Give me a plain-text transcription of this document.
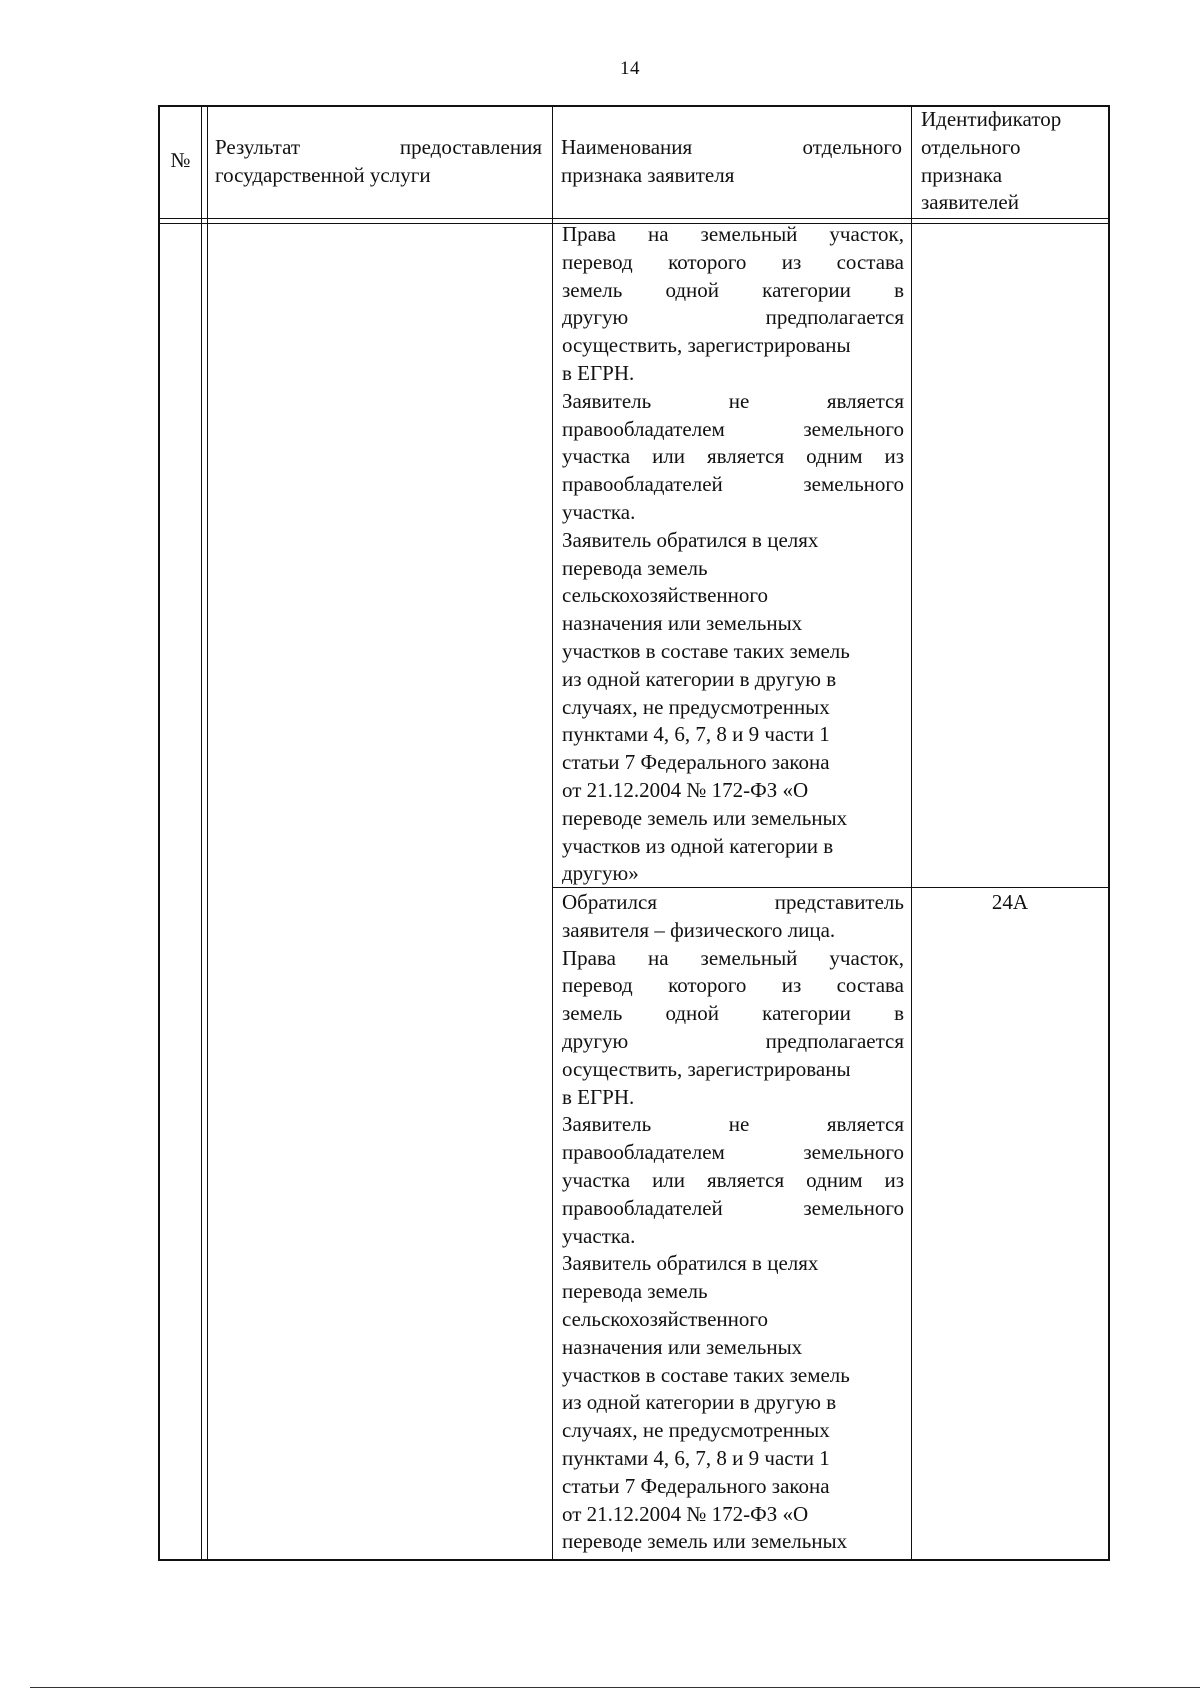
14
№
Результат предоставления
государственной услуги
Наименования отдельного
признака заявителя
Идентификатор
отдельного
признака
заявителей
Права на земельный участок,
перевод которого из состава
земель одной категории в
другую предполагается
осуществить, зарегистрированы
в ЕГРН.
Заявитель не является
правообладателем земельного
участка или является одним из
правообладателей земельного
участка.
Заявитель обратился в целях
перевода земель
сельскохозяйственного
назначения или земельных
участков в составе таких земель
из одной категории в другую в
случаях, не предусмотренных
пунктами 4, 6, 7, 8 и 9 части 1
статьи 7 Федерального закона
от 21.12.2004 № 172-ФЗ «О
переводе земель или земельных
участков из одной категории в
другую»
Обратился представитель
заявителя – физического лица.
Права на земельный участок,
перевод которого из состава
земель одной категории в
другую предполагается
осуществить, зарегистрированы
в ЕГРН.
Заявитель не является
правообладателем земельного
участка или является одним из
правообладателей земельного
участка.
Заявитель обратился в целях
перевода земель
сельскохозяйственного
назначения или земельных
участков в составе таких земель
из одной категории в другую в
случаях, не предусмотренных
пунктами 4, 6, 7, 8 и 9 части 1
статьи 7 Федерального закона
от 21.12.2004 № 172-ФЗ «О
переводе земель или земельных
24А
